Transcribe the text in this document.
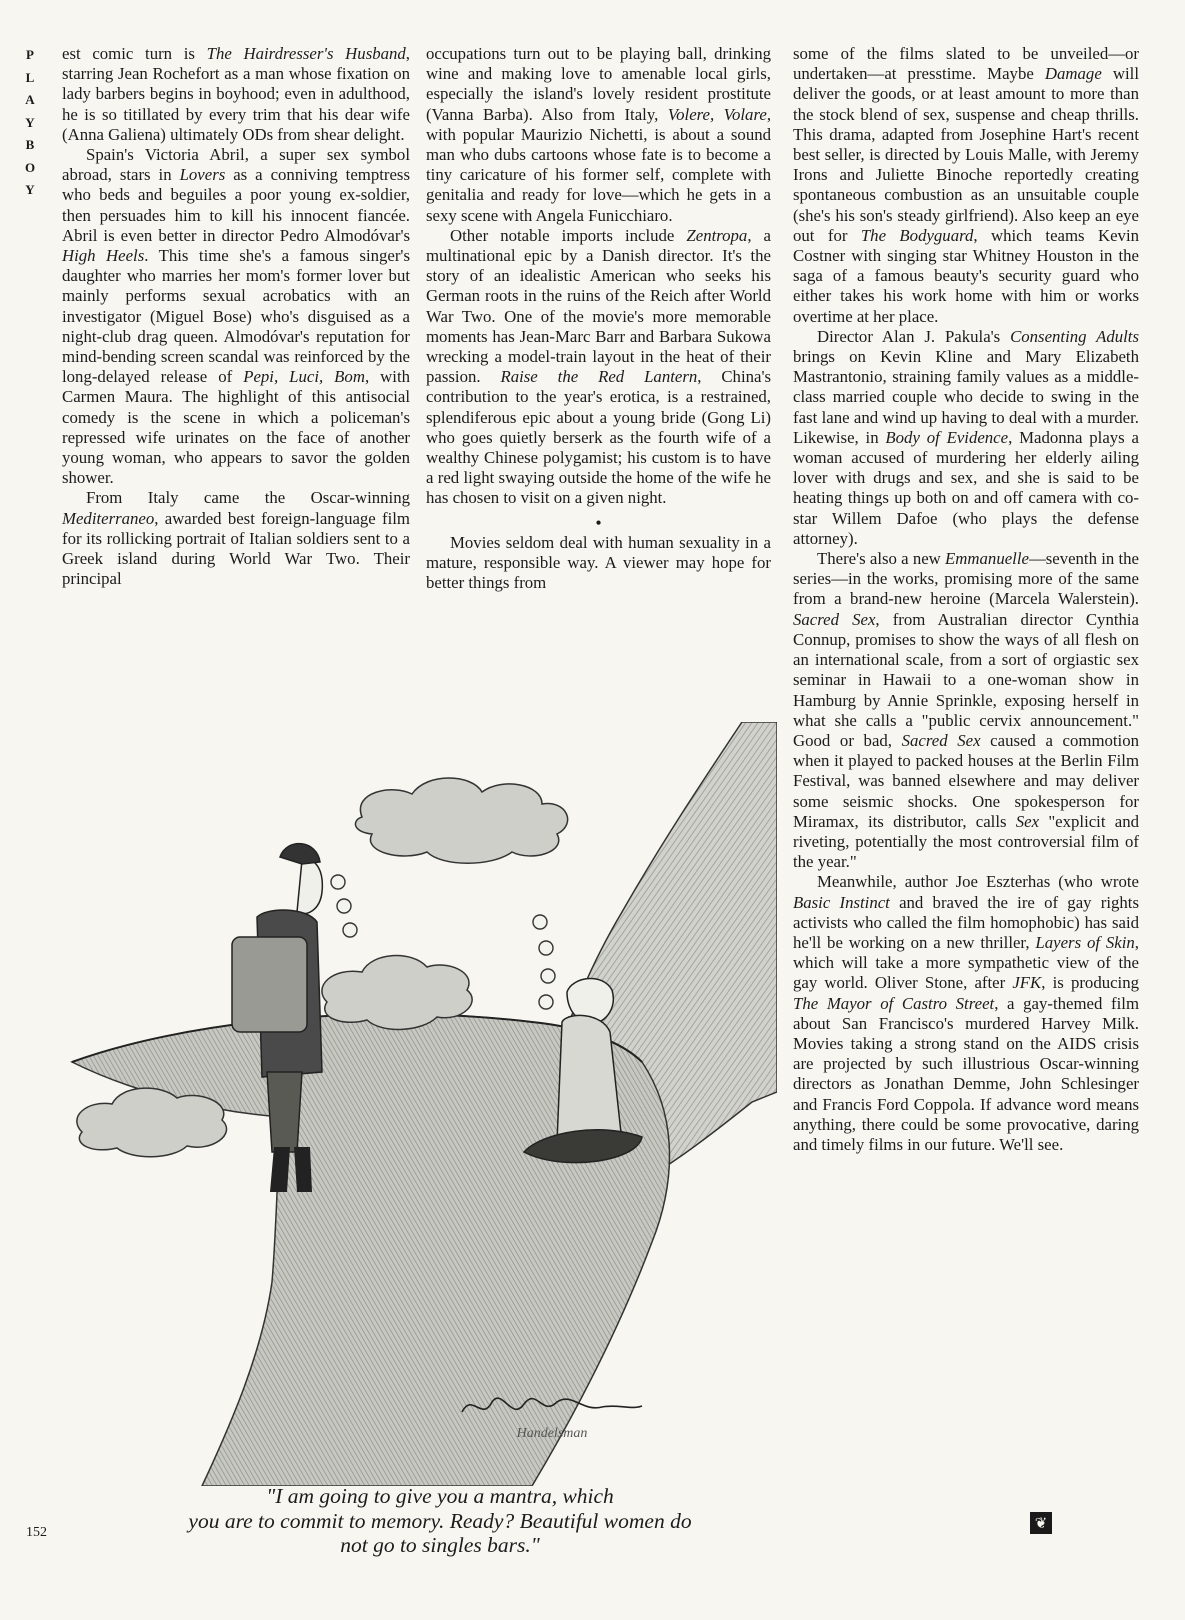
P
L
A
Y
B
O
Y

est comic turn is The Hairdresser's Husband, starring Jean Rochefort as a man whose fixation on lady barbers begins in boyhood; even in adulthood, he is so titillated by every trim that his dear wife (Anna Galiena) ultimately ODs from shear delight.

Spain's Victoria Abril, a super sex symbol abroad, stars in Lovers as a conniving temptress who beds and beguiles a poor young ex-soldier, then persuades him to kill his innocent fiancée. Abril is even better in director Pedro Almodóvar's High Heels. This time she's a famous singer's daughter who marries her mom's former lover but mainly performs sexual acrobatics with an investigator (Miguel Bose) who's disguised as a night-club drag queen. Almodóvar's reputation for mind-bending screen scandal was reinforced by the long-delayed release of Pepi, Luci, Bom, with Carmen Maura. The highlight of this antisocial comedy is the scene in which a policeman's repressed wife urinates on the face of another young woman, who appears to savor the golden shower.

From Italy came the Oscar-winning Mediterraneo, awarded best foreign-language film for its rollicking portrait of Italian soldiers sent to a Greek island during World War Two. Their principal

occupations turn out to be playing ball, drinking wine and making love to amenable local girls, especially the island's lovely resident prostitute (Vanna Barba). Also from Italy, Volere, Volare, with popular Maurizio Nichetti, is about a sound man who dubs cartoons whose fate is to become a tiny caricature of his former self, complete with genitalia and ready for love—which he gets in a sexy scene with Angela Funicchiaro.

Other notable imports include Zentropa, a multinational epic by a Danish director. It's the story of an idealistic American who seeks his German roots in the ruins of the Reich after World War Two. One of the movie's more memorable moments has Jean-Marc Barr and Barbara Sukowa wrecking a model-train layout in the heat of their passion. Raise the Red Lantern, China's contribution to the year's erotica, is a restrained, splendiferous epic about a young bride (Gong Li) who goes quietly berserk as the fourth wife of a wealthy Chinese polygamist; his custom is to have a red light swaying outside the home of the wife he has chosen to visit on a given night.

•

Movies seldom deal with human sexuality in a mature, responsible way. A viewer may hope for better things from

some of the films slated to be unveiled—or undertaken—at presstime. Maybe Damage will deliver the goods, or at least amount to more than the stock blend of sex, suspense and cheap thrills. This drama, adapted from Josephine Hart's recent best seller, is directed by Louis Malle, with Jeremy Irons and Juliette Binoche reportedly creating spontaneous combustion as an unsuitable couple (she's his son's steady girlfriend). Also keep an eye out for The Bodyguard, which teams Kevin Costner with singing star Whitney Houston in the saga of a famous beauty's security guard who either takes his work home with him or works overtime at her place.

Director Alan J. Pakula's Consenting Adults brings on Kevin Kline and Mary Elizabeth Mastrantonio, straining family values as a middle-class married couple who decide to swing in the fast lane and wind up having to deal with a murder. Likewise, in Body of Evidence, Madonna plays a woman accused of murdering her elderly ailing lover with drugs and sex, and she is said to be heating things up both on and off camera with co-star Willem Dafoe (who plays the defense attorney).

There's also a new Emmanuelle—seventh in the series—in the works, promising more of the same from a brand-new heroine (Marcela Walerstein). Sacred Sex, from Australian director Cynthia Connup, promises to show the ways of all flesh on an international scale, from a sort of orgiastic sex seminar in Hawaii to a one-woman show in Hamburg by Annie Sprinkle, exposing herself in what she calls a "public cervix announcement." Good or bad, Sacred Sex caused a commotion when it played to packed houses at the Berlin Film Festival, was banned elsewhere and may deliver some seismic shocks. One spokesperson for Miramax, its distributor, calls Sex "explicit and riveting, potentially the most controversial film of the year."

Meanwhile, author Joe Eszterhas (who wrote Basic Instinct and braved the ire of gay rights activists who called the film homophobic) has said he'll be working on a new thriller, Layers of Skin, which will take a more sympathetic view of the gay world. Oliver Stone, after JFK, is producing The Mayor of Castro Street, a gay-themed film about San Francisco's murdered Harvey Milk. Movies taking a strong stand on the AIDS crisis are projected by such illustrious Oscar-winning directors as Jonathan Demme, John Schlesinger and Francis Ford Coppola. If advance word means anything, there could be some provocative, daring and timely films in our future. We'll see.

Handelsman
"I am going to give you a mantra, which
you are to commit to memory. Ready? Beautiful women do
not go to singles bars."
152
❦
